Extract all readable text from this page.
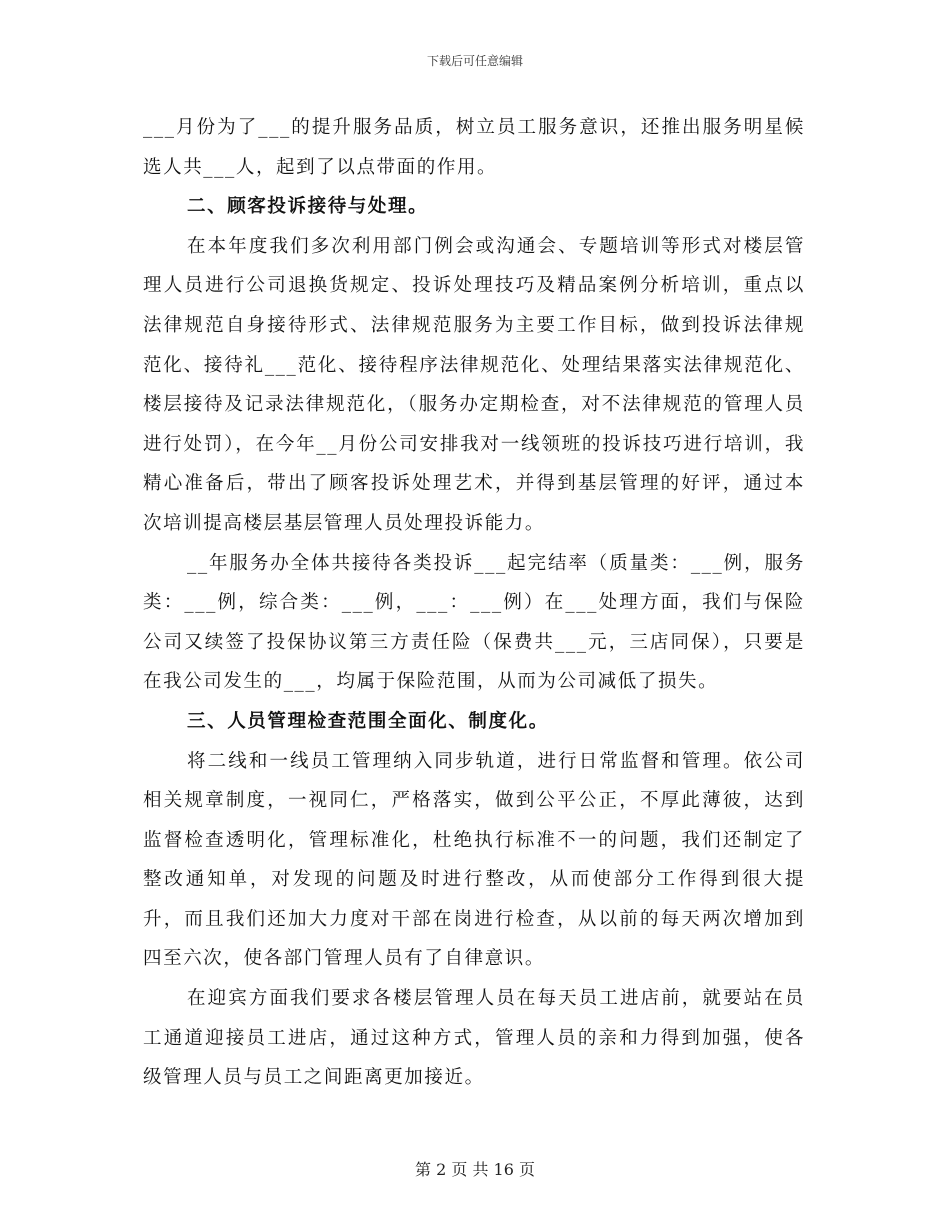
下载后可任意编辑

___月份为了___的提升服务品质，树立员工服务意识，还推出服务明星候选人共___人，起到了以点带面的作用。

二、顾客投诉接待与处理。

在本年度我们多次利用部门例会或沟通会、专题培训等形式对楼层管理人员进行公司退换货规定、投诉处理技巧及精品案例分析培训，重点以法律规范自身接待形式、法律规范服务为主要工作目标，做到投诉法律规范化、接待礼___范化、接待程序法律规范化、处理结果落实法律规范化、楼层接待及记录法律规范化，（服务办定期检查，对不法律规范的管理人员进行处罚），在今年__月份公司安排我对一线领班的投诉技巧进行培训，我精心准备后，带出了顾客投诉处理艺术，并得到基层管理的好评，通过本次培训提高楼层基层管理人员处理投诉能力。

__年服务办全体共接待各类投诉___起完结率（质量类：___例，服务类：___例，综合类：___例，___：___例）在___处理方面，我们与保险公司又续签了投保协议第三方责任险（保费共___元，三店同保），只要是在我公司发生的___，均属于保险范围，从而为公司减低了损失。

三、人员管理检查范围全面化、制度化。

将二线和一线员工管理纳入同步轨道，进行日常监督和管理。依公司相关规章制度，一视同仁，严格落实，做到公平公正，不厚此薄彼，达到监督检查透明化，管理标准化，杜绝执行标准不一的问题，我们还制定了整改通知单，对发现的问题及时进行整改，从而使部分工作得到很大提升，而且我们还加大力度对干部在岗进行检查，从以前的每天两次增加到四至六次，使各部门管理人员有了自律意识。

在迎宾方面我们要求各楼层管理人员在每天员工进店前，就要站在员工通道迎接员工进店，通过这种方式，管理人员的亲和力得到加强，使各级管理人员与员工之间距离更加接近。

第 2 页 共 16 页
